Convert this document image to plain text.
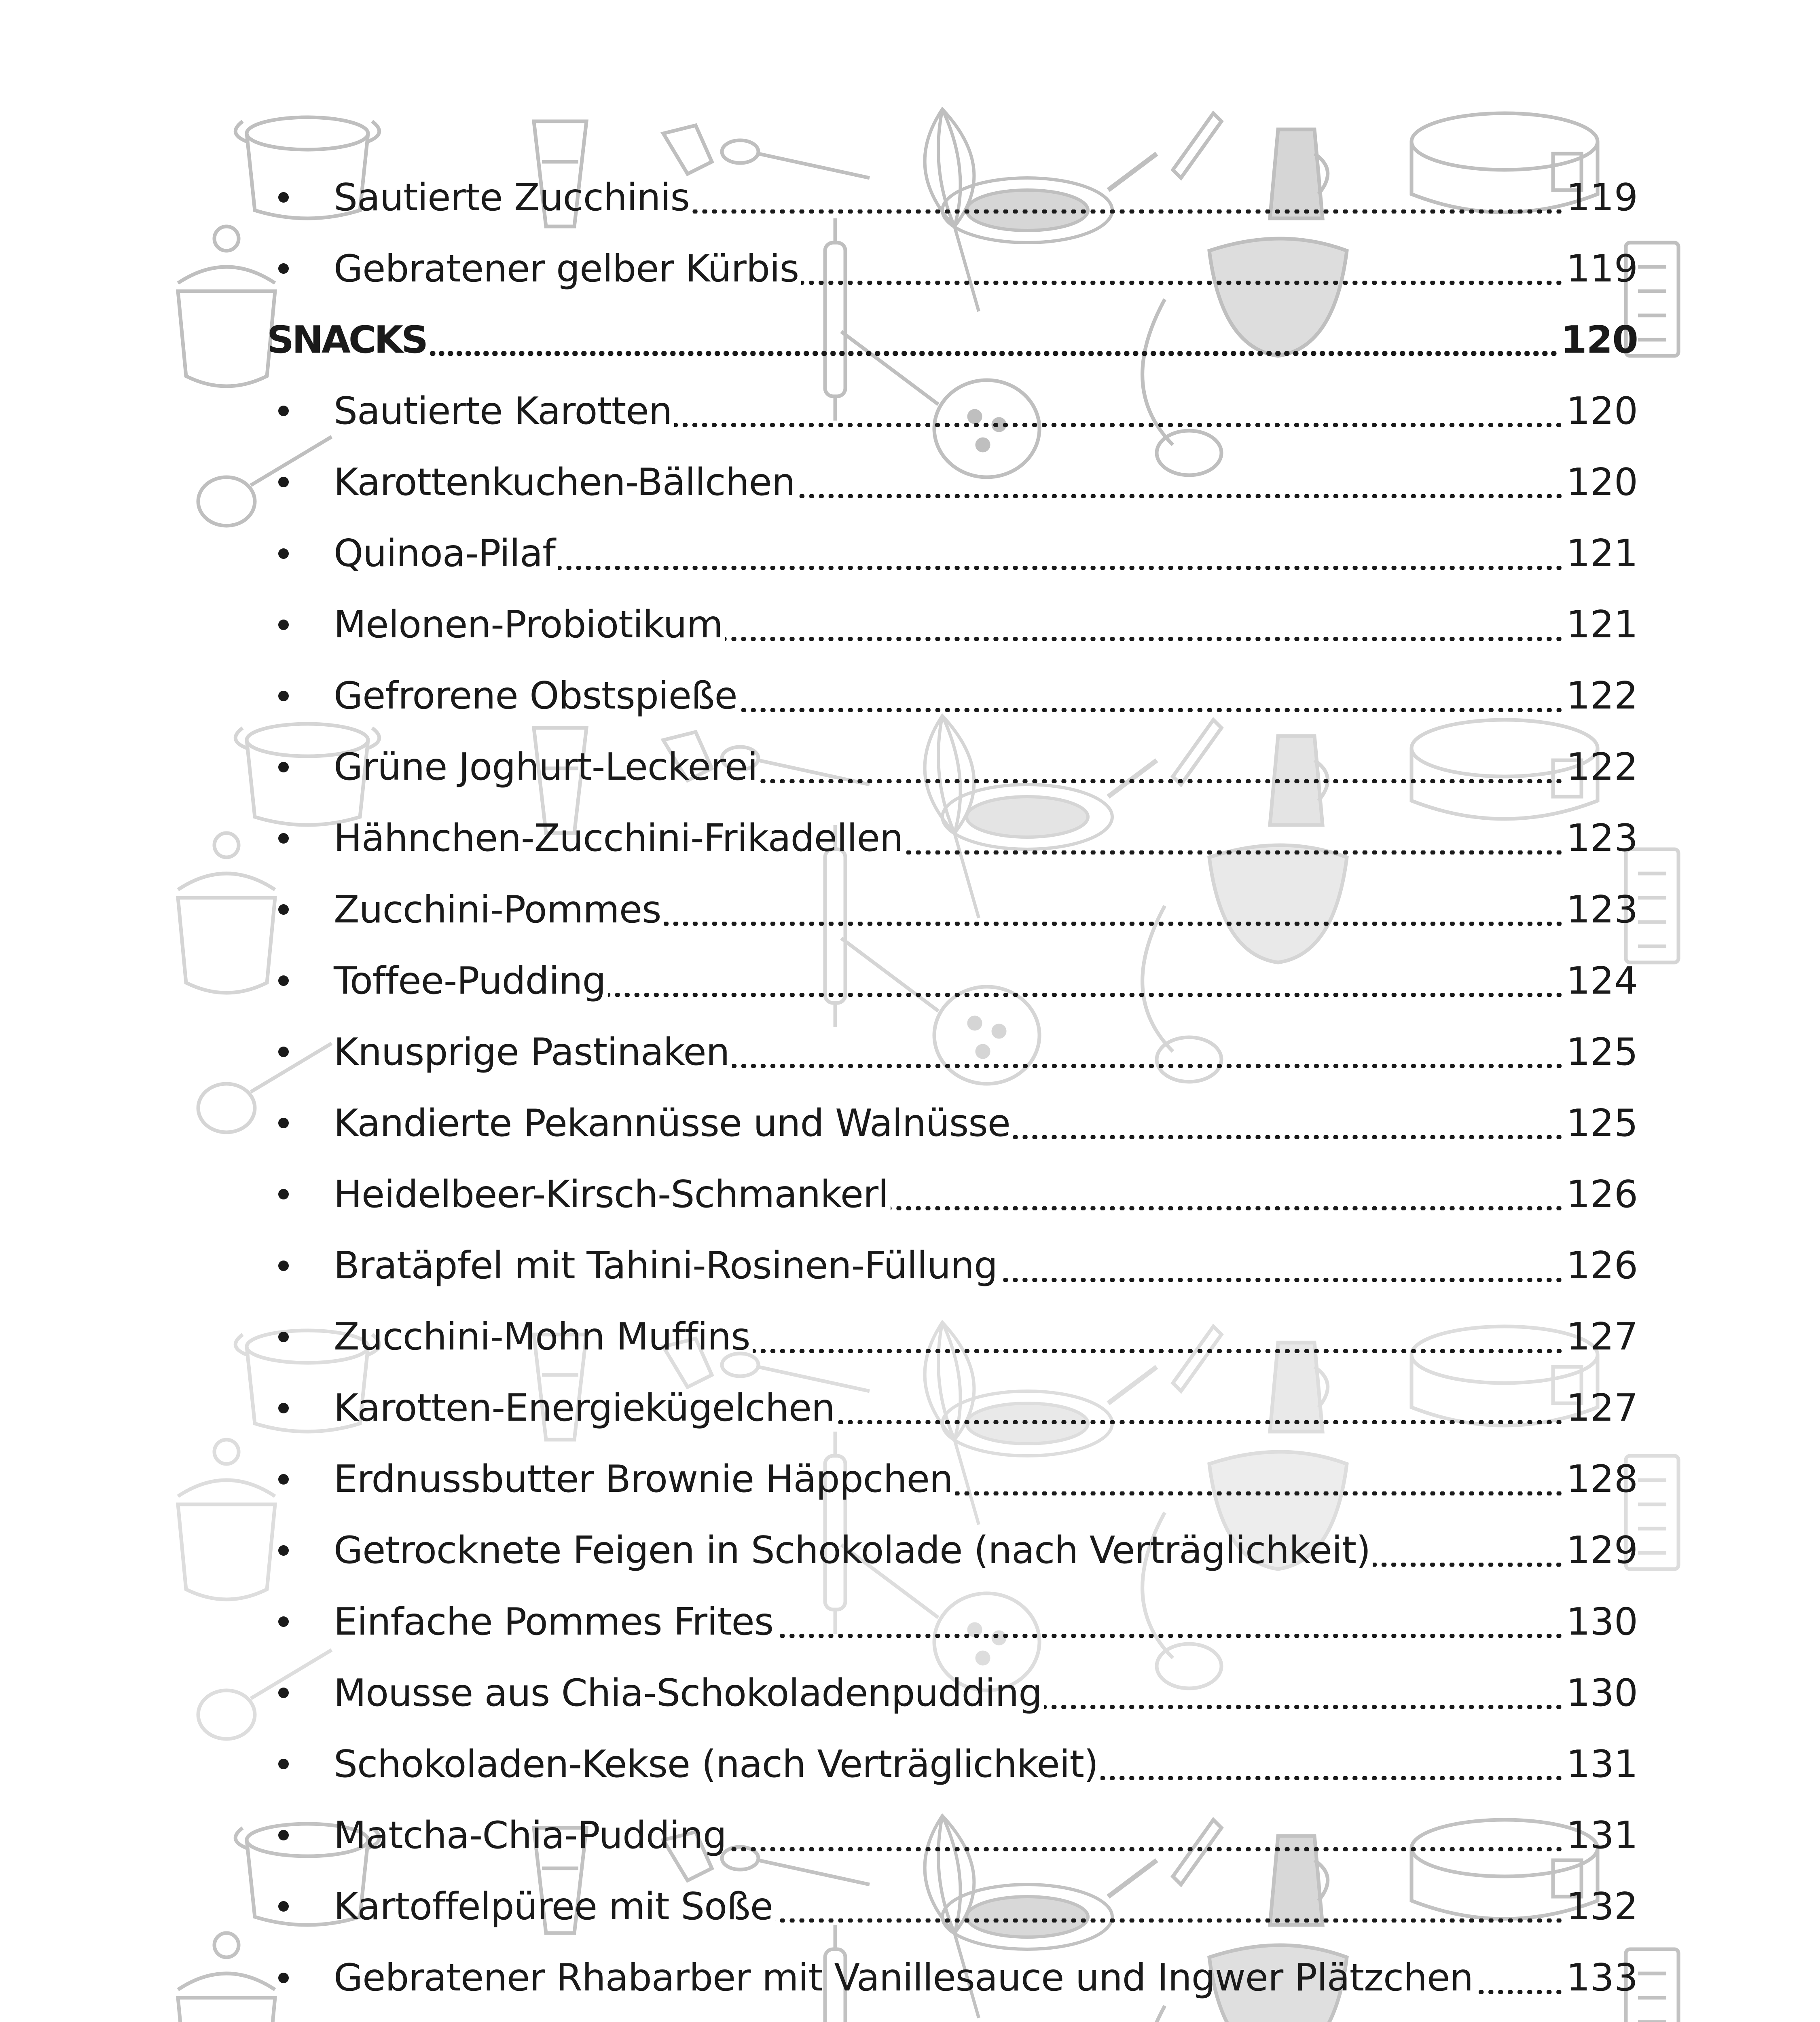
Sautierte Zucchinis	119
Gebratener gelber Kürbis	119
SNACKS	120
Sautierte Karotten	120
Karottenkuchen-Bällchen	120
Quinoa-Pilaf	121
Melonen-Probiotikum	121
Gefrorene Obstspieße	122
Grüne Joghurt-Leckerei	122
Hähnchen-Zucchini-Frikadellen	123
Zucchini-Pommes	123
Toffee-Pudding	124
Knusprige Pastinaken	125
Kandierte Pekannüsse und Walnüsse	125
Heidelbeer-Kirsch-Schmankerl	126
Bratäpfel mit Tahini-Rosinen-Füllung	126
Zucchini-Mohn Muffins	127
Karotten-Energiekügelchen	127
Erdnussbutter Brownie Häppchen	128
Getrocknete Feigen in Schokolade (nach Verträglichkeit)	129
Einfache Pommes Frites	130
Mousse aus Chia-Schokoladenpudding	130
Schokoladen-Kekse (nach Verträglichkeit)	131
Matcha-Chia-Pudding	131
Kartoffelpüree mit Soße	132
Gebratener Rhabarber mit Vanillesauce und Ingwer Plätzchen 133
